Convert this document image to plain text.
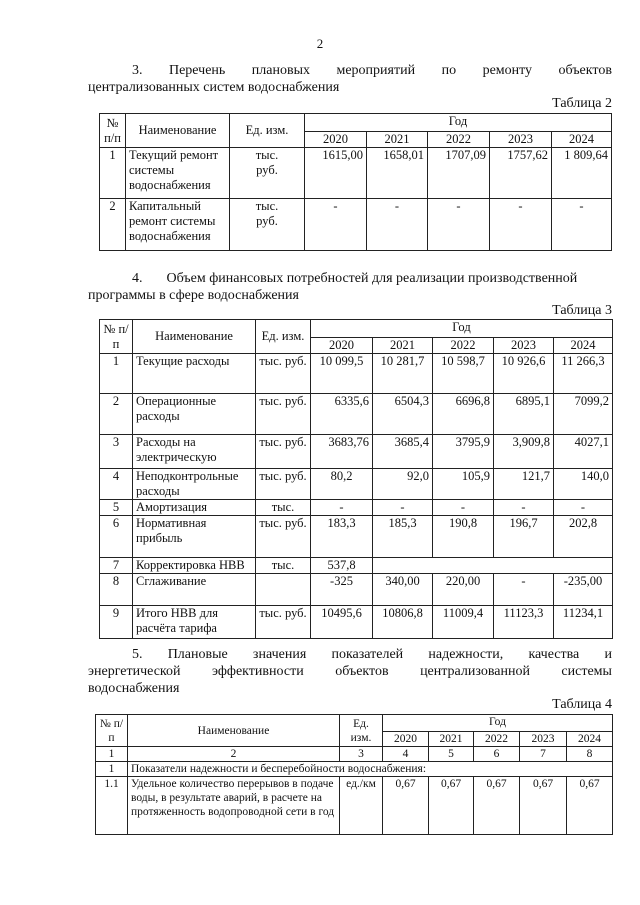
2
3. Перечень плановых мероприятий по ремонту объектов
централизованных систем водоснабжения
Таблица 2
№ п/п	Наименование	Ед. изм.	Год				
			2020	2021	2022	2023	2024
1	Текущий ремонт системы водоснабжения	тыс. руб.	1615,00	1658,01	1707,09	1757,62	1 809,64
2	Капитальный ремонт системы водоснабжения	тыс. руб.	-	-	-	-	-
4. Объем финансовых потребностей для реализации производственной
программы в сфере водоснабжения
Таблица 3
№ п/п	Наименование	Ед. изм.	Год				
			2020	2021	2022	2023	2024
1	Текущие расходы	тыс. руб.	10 099,5	10 281,7	10 598,7	10 926,6	11 266,3
2	Операционные расходы	тыс. руб.	6335,6	6504,3	6696,8	6895,1	7099,2
3	Расходы на электрическую	тыс. руб.	3683,76	3685,4	3795,9	3,909,8	4027,1
4	Неподконтрольные расходы	тыс. руб.	80,2	92,0	105,9	121,7	140,0
5	Амортизация	тыс.	-	-	-	-	-
6	Нормативная прибыль	тыс. руб.	183,3	185,3	190,8	196,7	202,8
7	Корректировка НВВ	тыс.	537,8				
8	Сглаживание		-325	340,00	220,00	-	-235,00
9	Итого НВВ для расчёта тарифа	тыс. руб.	10495,6	10806,8	11009,4	11123,3	11234,1
5. Плановые значения показателей надежности, качества и
энергетической эффективности объектов централизованной системы
водоснабжения
Таблица 4
№ п/п	Наименование	Ед. изм.	Год				
			2020	2021	2022	2023	2024
1	2	3	4	5	6	7	8
1	Показатели надежности и бесперебойности водоснабжения:						
1.1	Удельное количество перерывов в подаче воды, в результате аварий, в расчете на протяженность водопроводной сети в год	ед./км	0,67	0,67	0,67	0,67	0,67
